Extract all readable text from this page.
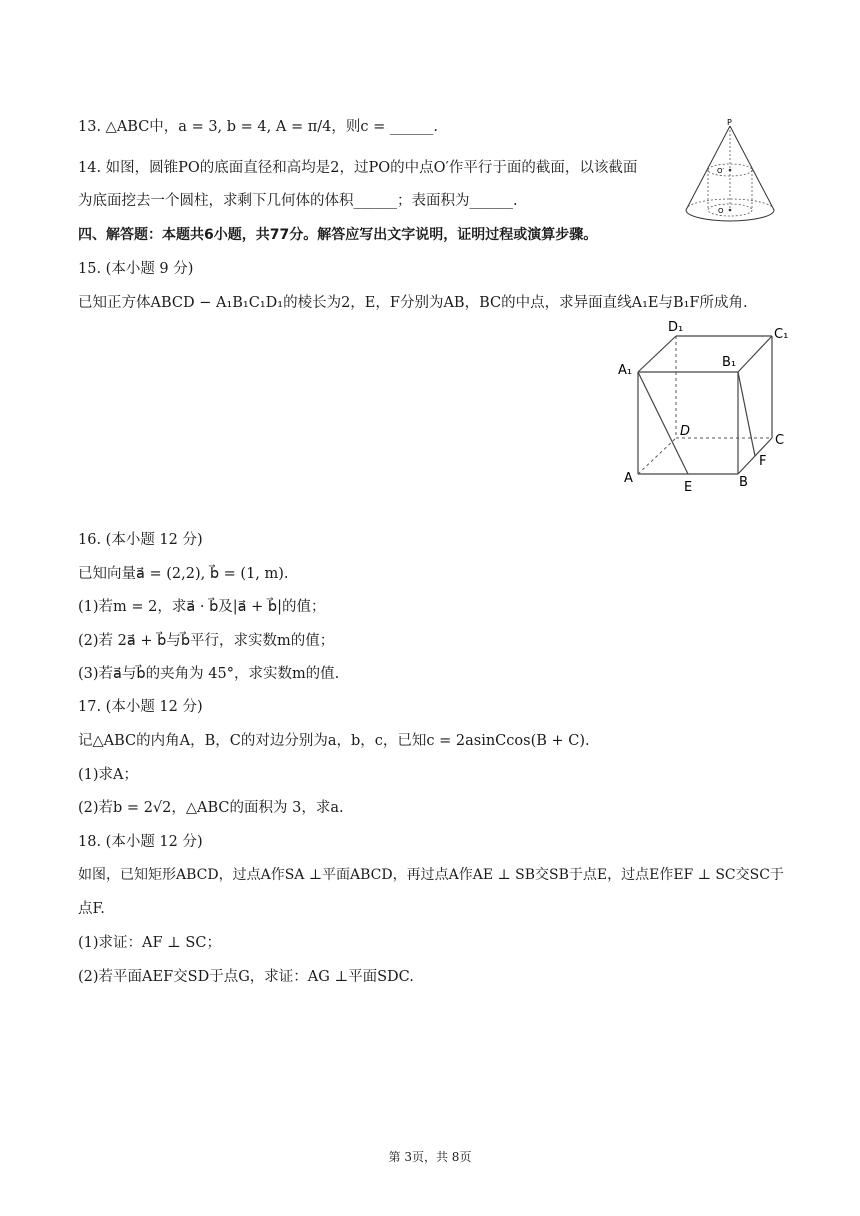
13. △ABC中，a = 3, b = 4, A = π/4，则c = ______.
14. 如图，圆锥PO的底面直径和高均是2，过PO的中点O′作平行于面的截面，以该截面
为底面挖去一个圆柱，求剩下几何体的体积______；表面积为______.
P
O′
O
四、解答题：本题共6小题，共77分。解答应写出文字说明，证明过程或演算步骤。
15. (本小题 9 分)
已知正方体ABCD − A₁B₁C₁D₁的棱长为2，E，F分别为AB，BC的中点，求异面直线A₁E与B₁F所成角.
D₁	C₁
A₁
B₁
D
C
F
A
E	B
16. (本小题 12 分)
已知向量a⃗ = (2,2), b⃗ = (1, m).
(1)若m = 2，求a⃗ · b⃗及|a⃗ + b⃗|的值；
(2)若 2a⃗ + b⃗与b⃗平行，求实数m的值；
(3)若a⃗与b⃗的夹角为 45°，求实数m的值.
17. (本小题 12 分)
记△ABC的内角A，B，C的对边分别为a，b，c，已知c = 2asinCcos(B + C).
(1)求A；
(2)若b = 2√2，△ABC的面积为 3，求a.
18. (本小题 12 分)
如图，已知矩形ABCD，过点A作SA ⊥平面ABCD，再过点A作AE ⊥ SB交SB于点E，过点E作EF ⊥ SC交SC于
点F.
(1)求证：AF ⊥ SC；
(2)若平面AEF交SD于点G，求证：AG ⊥平面SDC.
第 3页，共 8页
